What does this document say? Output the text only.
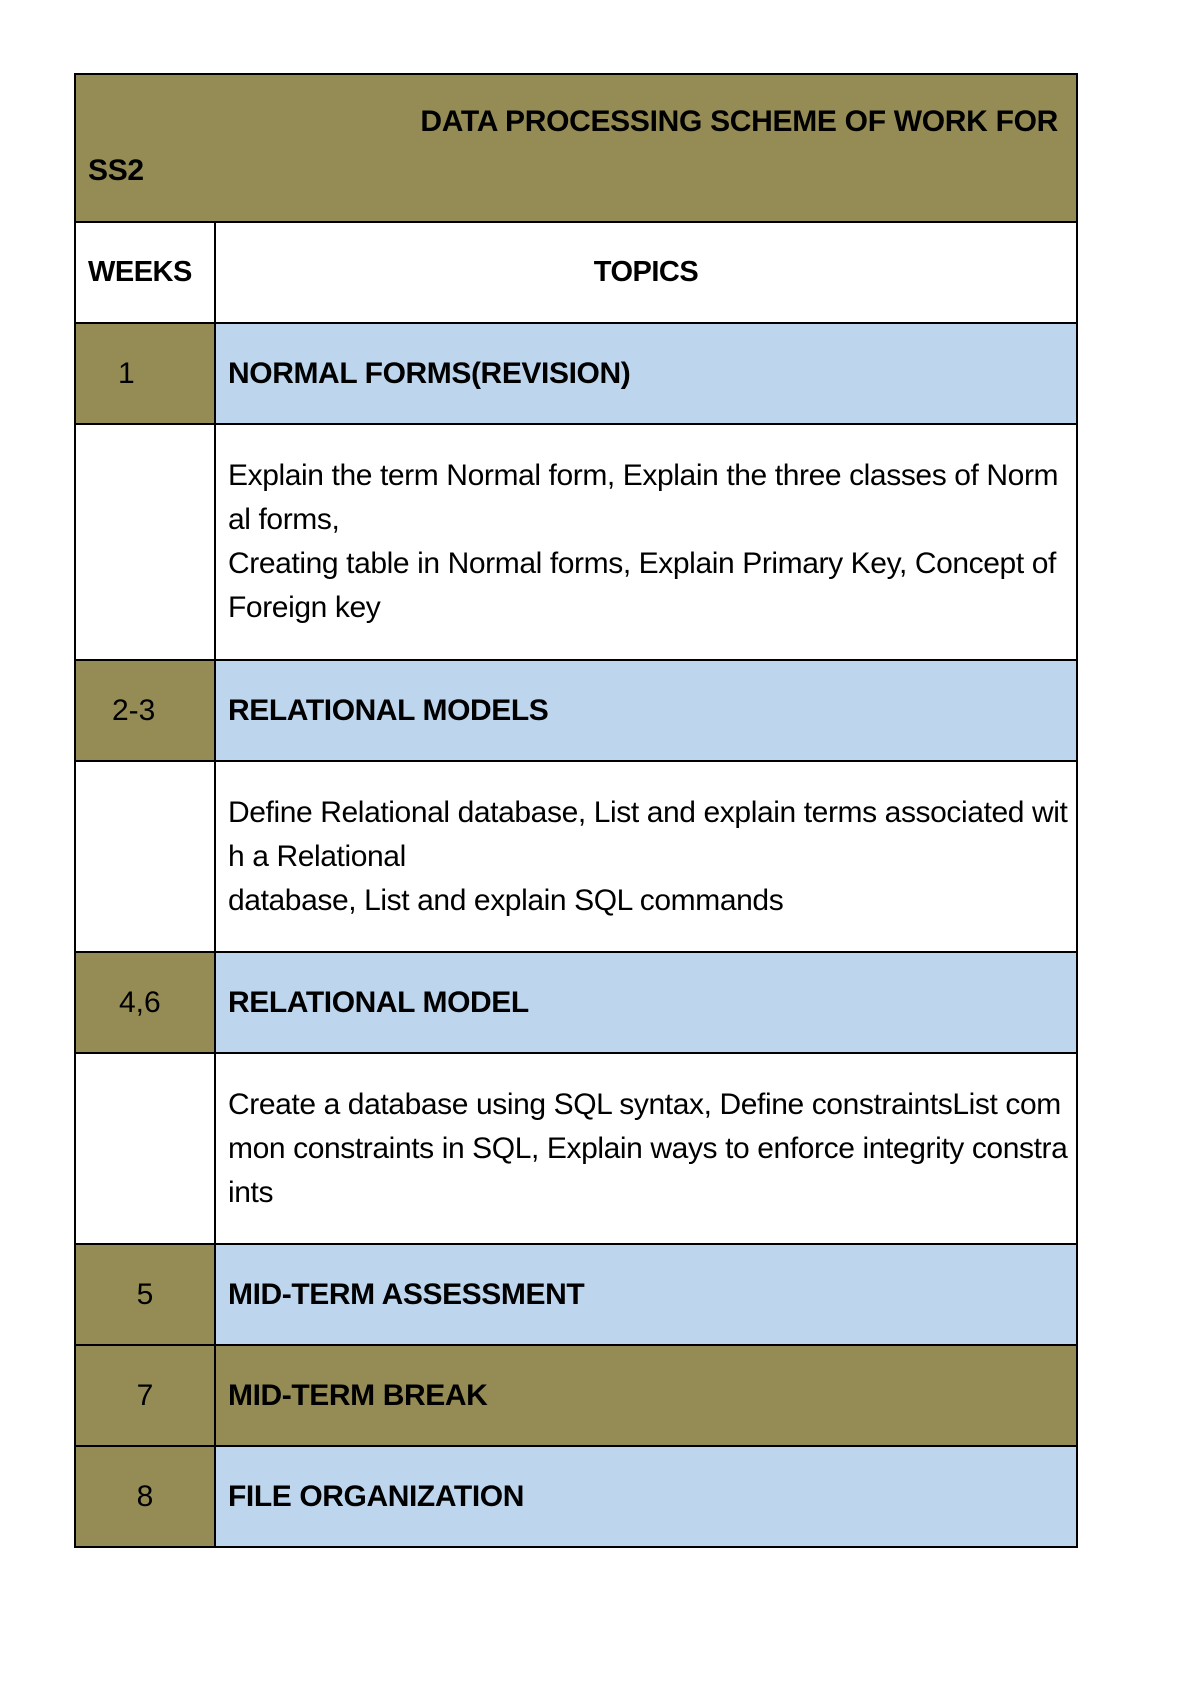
DATA PROCESSING SCHEME OF WORK FOR
SS2	

WEEKS	TOPICS
1	NORMAL FORMS(REVISION)

	Explain the term Normal form, Explain the three classes of Normal forms,
Creating table in Normal forms, Explain Primary Key, Concept of Foreign key

2-3	RELATIONAL MODELS

	Define Relational database, List and explain terms associated with a Relational
database, List and explain SQL commands

4,6	RELATIONAL MODEL

	Create a database using SQL syntax, Define constraintsList common constraints in SQL, Explain ways to enforce integrity constraints

5	MID-TERM ASSESSMENT
7	MID-TERM BREAK
8	FILE ORGANIZATION
